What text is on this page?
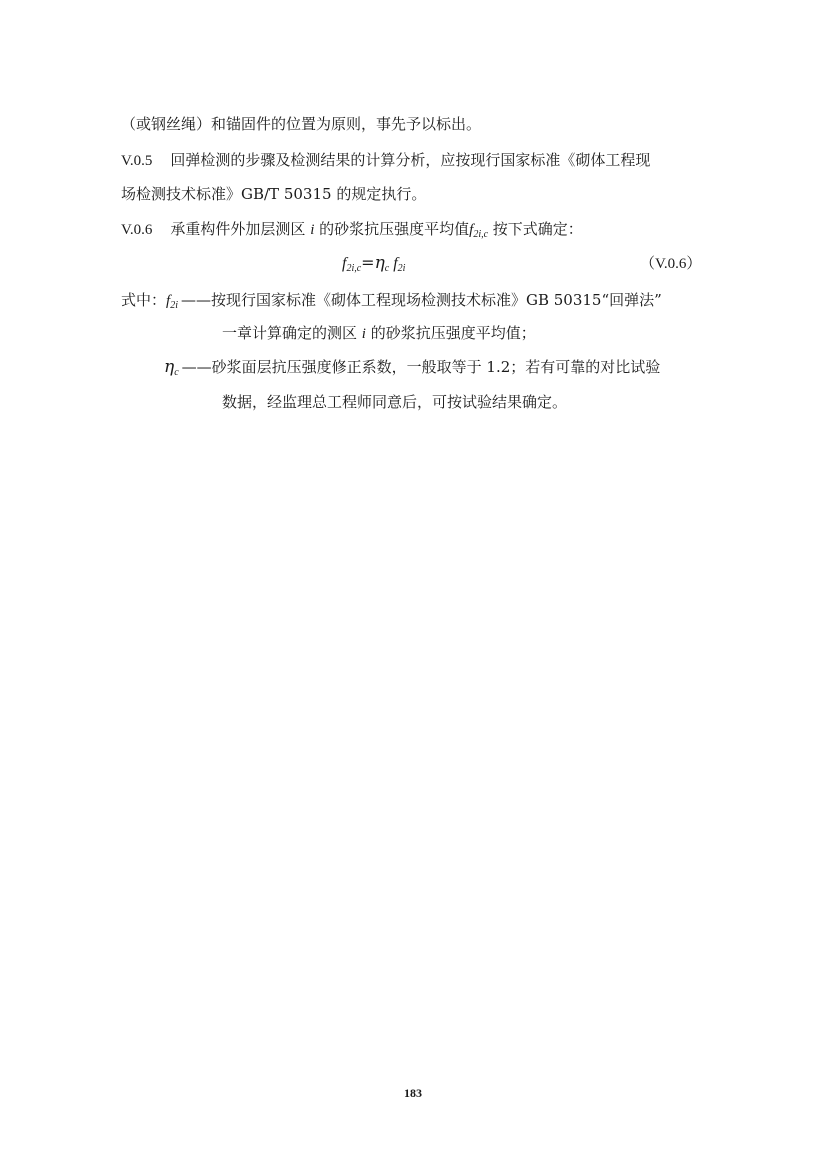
（或钢丝绳）和锚固件的位置为原则，事先予以标出。
V.0.5 回弹检测的步骤及检测结果的计算分析，应按现行国家标准《砌体工程现
场检测技术标准》GB/T 50315 的规定执行。
V.0.6 承重构件外加层测区 i 的砂浆抗压强度平均值$f_{2i,c}$ 按下式确定：
$f_{2i,c}=\eta_c$ $f_{2i}$	（V.0.6）
式中：$f_{2i}$ ——按现行国家标准《砌体工程现场检测技术标准》GB 50315“回弹法”
一章计算确定的测区 i 的砂浆抗压强度平均值；
$\eta_c$ ——砂浆面层抗压强度修正系数，一般取等于 1.2；若有可靠的对比试验
数据，经监理总工程师同意后，可按试验结果确定。
183
